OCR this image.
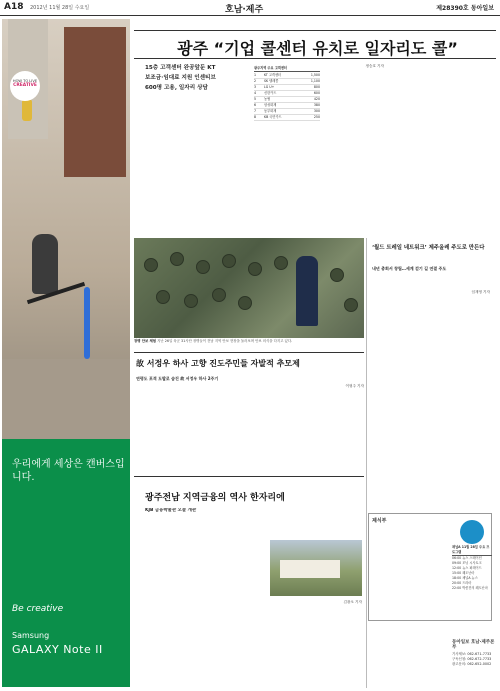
A18 2012년 11월 28일 수요일	호남·제주	제28390호 동아일보
HOW TO LIVE
CREATIVE
우리에게 세상은 캔버스입니다.
Be creative
Samsung
GALAXY Note II
광주 “기업 콜센터 유치로 일자리도 콜”

15층 고객센터 완공앞둔 KT

보조금·임대료 지원 인센티브

600명 고용, 일자리 상담

광주지역 주요 고객센터
1	KT 고객센터	1,500
2	SK 텔레콤	1,100
3	LG U+	800
4	신한카드	600
5	농협	420
6	삼성화재	380
7	동부화재	300
8	KB 국민카드	250

정승호 기자

장병 안보 체험 지난 26일 육군 31사단 장병들이 전남 지역 안보 현장을 둘러보며 안보 의식을 다지고 있다.
‘월드 트레일 네트워크’ 제주올레 주도로 만든다

내년 총회서 창립…세계 걷기 길 연결 주도

임재영 기자

故 서정우 하사 고향 진도주민들 자발적 추모제

연평도 포격 도발로 숨진 故 서정우 하사 2주기

이형주 기자

광주전남 지역금융의 역사 한자리에

KJB 금융박물관 오늘 개관

김광오 기자

제식부
채널A 11월 28일 주요 프로그램
06:00 뉴스 스테이션
09:00 모닝 시사토크
12:00 뉴스 퍼레이드
15:00 쾌도난마
18:00 채널A 뉴스
20:00 드라마
22:00 박종진의 쾌도난마
동아일보 호남·제주본부
기사제보: 062-671-7733
구독신청: 062-672-7733
광고문의: 062-652-0002
